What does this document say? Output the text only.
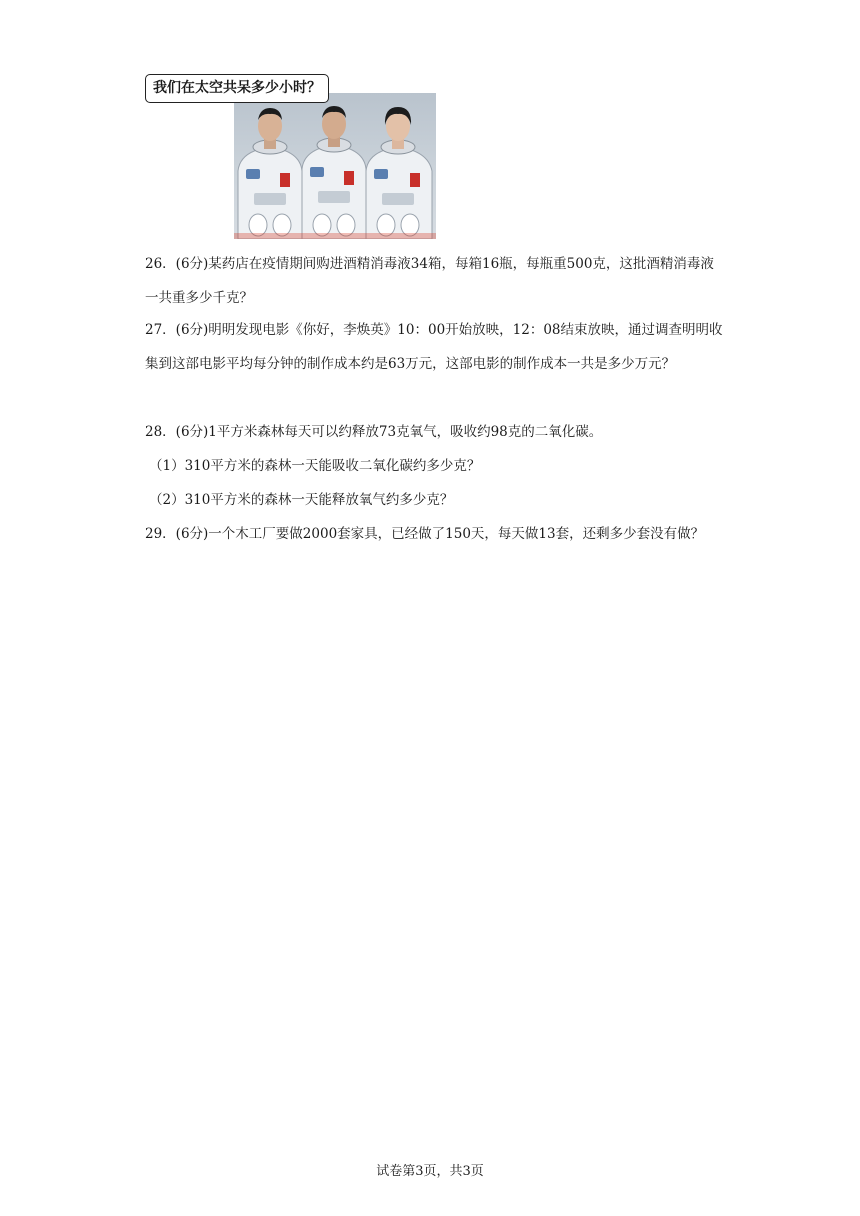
我们在太空共呆多少小时？
26．(6分)某药店在疫情期间购进酒精消毒液34箱，每箱16瓶，每瓶重500克，这批酒精消毒液一共重多少千克？
27．(6分)明明发现电影《你好，李焕英》10：00开始放映，12：08结束放映，通过调查明明收集到这部电影平均每分钟的制作成本约是63万元，这部电影的制作成本一共是多少万元？
28．(6分)1平方米森林每天可以约释放73克氧气，吸收约98克的二氧化碳。
（1）310平方米的森林一天能吸收二氧化碳约多少克？
（2）310平方米的森林一天能释放氧气约多少克？
29．(6分)一个木工厂要做2000套家具，已经做了150天，每天做13套，还剩多少套没有做？
试卷第3页，共3页
